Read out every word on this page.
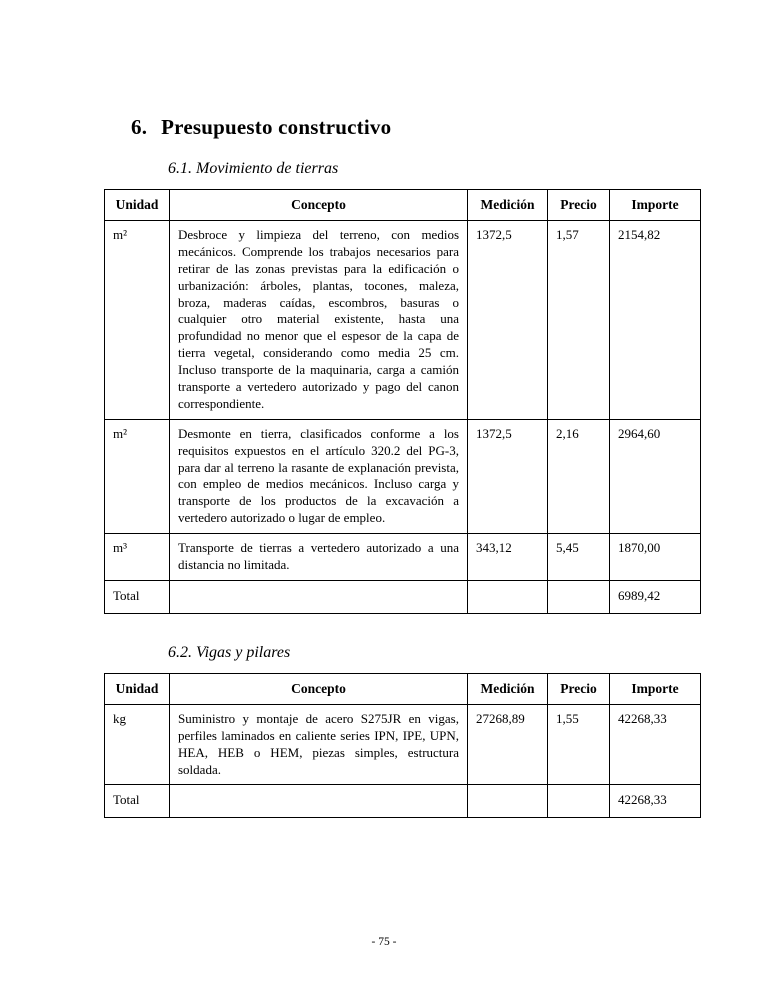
6. Presupuesto constructivo
6.1. Movimiento de tierras
Unidad	Concepto	Medición	Precio	Importe
m²	Desbroce y limpieza del terreno, con medios mecánicos. Comprende los trabajos necesarios para retirar de las zonas previstas para la edificación o urbanización: árboles, plantas, tocones, maleza, broza, maderas caídas, escombros, basuras o cualquier otro material existente, hasta una profundidad no menor que el espesor de la capa de tierra vegetal, considerando como media 25 cm. Incluso transporte de la maquinaria, carga a camión transporte a vertedero autorizado y pago del canon correspondiente.	1372,5	1,57	2154,82
m²	Desmonte en tierra, clasificados conforme a los requisitos expuestos en el artículo 320.2 del PG-3, para dar al terreno la rasante de explanación prevista, con empleo de medios mecánicos. Incluso carga y transporte de los productos de la excavación a vertedero autorizado o lugar de empleo.	1372,5	2,16	2964,60
m³	Transporte de tierras a vertedero autorizado a una distancia no limitada.	343,12	5,45	1870,00
Total				6989,42
6.2. Vigas y pilares
Unidad	Concepto	Medición	Precio	Importe
kg	Suministro y montaje de acero S275JR en vigas, perfiles laminados en caliente series IPN, IPE, UPN, HEA, HEB o HEM, piezas simples, estructura soldada.	27268,89	1,55	42268,33
Total				42268,33
- 75 -
